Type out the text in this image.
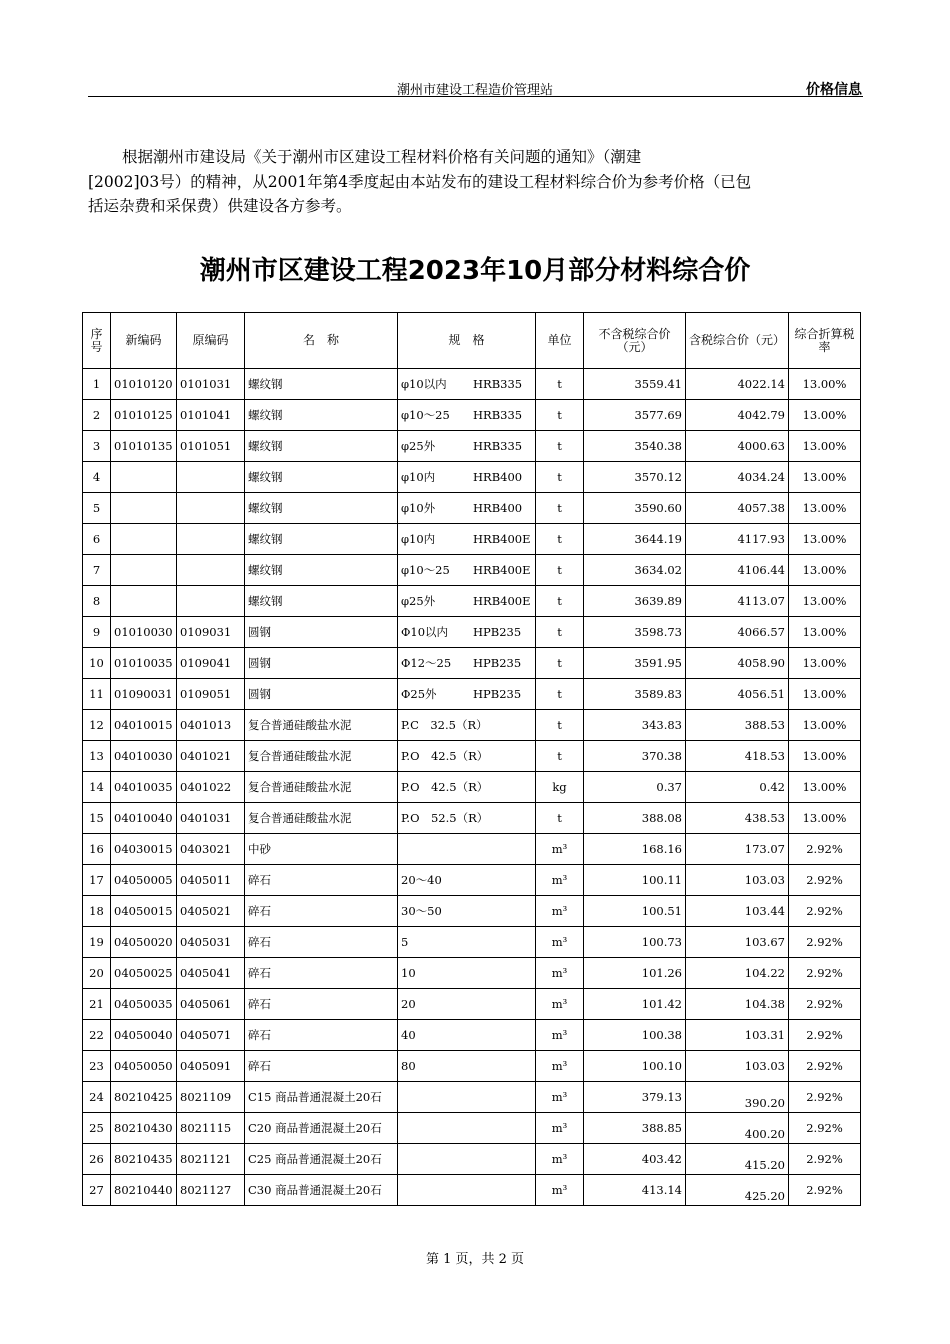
潮州市建设工程造价管理站	价格信息
根据潮州市建设局《关于潮州市区建设工程材料价格有关问题的通知》（潮建
[2002]03号）的精神，从2001年第4季度起由本站发布的建设工程材料综合价为参考价格（已包
括运杂费和采保费）供建设各方参考。
潮州市区建设工程2023年10月部分材料综合价
序号	新编码	原编码	名　称	规　格	单位	不含税综合价（元）	含税综合价（元）	综合折算税率
1	01010120	0101031	螺纹钢	φ10以内 HRB335	t	3559.41	4022.14	13.00%
2	01010125	0101041	螺纹钢	φ10～25 HRB335	t	3577.69	4042.79	13.00%
3	01010135	0101051	螺纹钢	φ25外 HRB335	t	3540.38	4000.63	13.00%
4			螺纹钢	φ10内 HRB400	t	3570.12	4034.24	13.00%
5			螺纹钢	φ10外 HRB400	t	3590.60	4057.38	13.00%
6			螺纹钢	φ10内 HRB400E	t	3644.19	4117.93	13.00%
7			螺纹钢	φ10～25 HRB400E	t	3634.02	4106.44	13.00%
8			螺纹钢	φ25外 HRB400E	t	3639.89	4113.07	13.00%
9	01010030	0109031	圆钢	Φ10以内 HPB235	t	3598.73	4066.57	13.00%
10	01010035	0109041	圆钢	Φ12～25 HPB235	t	3591.95	4058.90	13.00%
11	01090031	0109051	圆钢	Φ25外 HPB235	t	3589.83	4056.51	13.00%
12	04010015	0401013	复合普通硅酸盐水泥	P.C　32.5（R）	t	343.83	388.53	13.00%
13	04010030	0401021	复合普通硅酸盐水泥	P.O　42.5（R）	t	370.38	418.53	13.00%
14	04010035	0401022	复合普通硅酸盐水泥	P.O　42.5（R）	kg	0.37	0.42	13.00%
15	04010040	0401031	复合普通硅酸盐水泥	P.O　52.5（R）	t	388.08	438.53	13.00%
16	04030015	0403021	中砂		m³	168.16	173.07	2.92%
17	04050005	0405011	碎石	20～40	m³	100.11	103.03	2.92%
18	04050015	0405021	碎石	30～50	m³	100.51	103.44	2.92%
19	04050020	0405031	碎石	5	m³	100.73	103.67	2.92%
20	04050025	0405041	碎石	10	m³	101.26	104.22	2.92%
21	04050035	0405061	碎石	20	m³	101.42	104.38	2.92%
22	04050040	0405071	碎石	40	m³	100.38	103.31	2.92%
23	04050050	0405091	碎石	80	m³	100.10	103.03	2.92%
24	80210425	8021109	C15 商品普通混凝土20石		m³	379.13	390.20	2.92%
25	80210430	8021115	C20 商品普通混凝土20石		m³	388.85	400.20	2.92%
26	80210435	8021121	C25 商品普通混凝土20石		m³	403.42	415.20	2.92%
27	80210440	8021127	C30 商品普通混凝土20石		m³	413.14	425.20	2.92%
第 1 页，共 2 页
